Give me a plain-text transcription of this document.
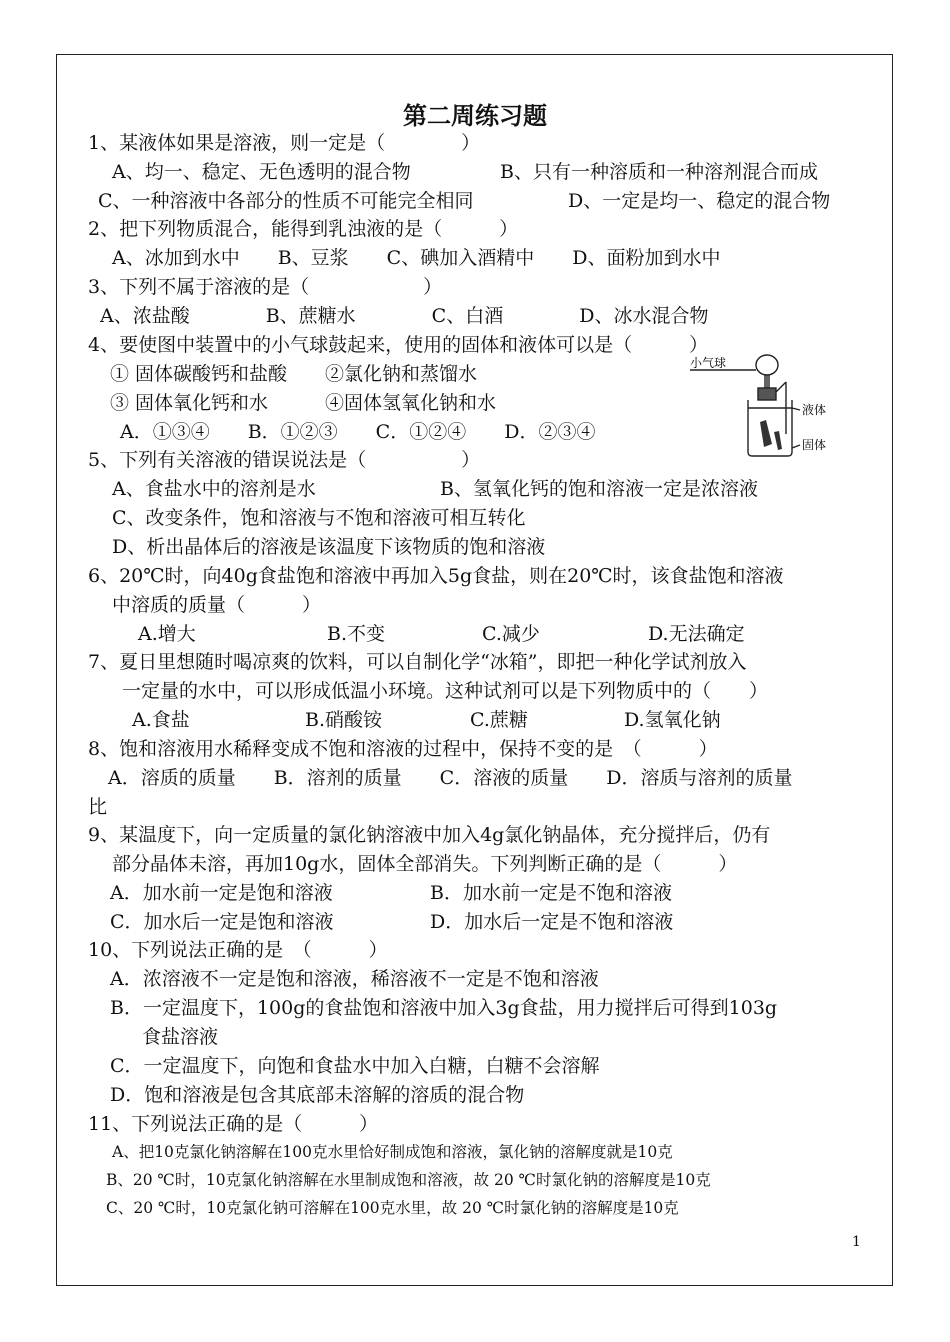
第二周练习题
1、某液体如果是溶液，则一定是（　　　　）
A、均一、稳定、无色透明的混合物	B、只有一种溶质和一种溶剂混合而成
C、一种溶液中各部分的性质不可能完全相同	D、一定是均一、稳定的混合物
2、把下列物质混合，能得到乳浊液的是（　　　）
A、冰加到水中　　B、豆浆　　C、碘加入酒精中　　D、面粉加到水中
3、下列不属于溶液的是（　　　　　　）
A、浓盐酸　　　　B、蔗糖水　　　　C、白酒　　　　D、冰水混合物
4、要使图中装置中的小气球鼓起来，使用的固体和液体可以是（　　　）
① 固体碳酸钙和盐酸　　②氯化钠和蒸馏水
③ 固体氧化钙和水　　　④固体氢氧化钠和水
A．①③④　　B．①②③　　C．①②④　　D．②③④
小气球
液体
固体
5、下列有关溶液的错误说法是（　　　　　）
A、食盐水中的溶剂是水	B、氢氧化钙的饱和溶液一定是浓溶液
C、改变条件，饱和溶液与不饱和溶液可相互转化
D、析出晶体后的溶液是该温度下该物质的饱和溶液
6、20℃时，向40g食盐饱和溶液中再加入5g食盐，则在20℃时，该食盐饱和溶液
中溶质的质量（　　　）
A.增大	B.不变	C.减少	D.无法确定
7、夏日里想随时喝凉爽的饮料，可以自制化学“冰箱”，即把一种化学试剂放入
一定量的水中，可以形成低温小环境。这种试剂可以是下列物质中的（　　）
A.食盐	B.硝酸铵	C.蔗糖	D.氢氧化钠
8、饱和溶液用水稀释变成不饱和溶液的过程中，保持不变的是　（　　　）
A．溶质的质量　　B．溶剂的质量　　C．溶液的质量　　D．溶质与溶剂的质量
比
9、某温度下，向一定质量的氯化钠溶液中加入4g氯化钠晶体，充分搅拌后，仍有
部分晶体未溶，再加10g水，固体全部消失。下列判断正确的是（　　　）
A．加水前一定是饱和溶液	B．加水前一定是不饱和溶液
C．加水后一定是饱和溶液	D．加水后一定是不饱和溶液
10、下列说法正确的是　（　　　）
A．浓溶液不一定是饱和溶液，稀溶液不一定是不饱和溶液
B．一定温度下，100g的食盐饱和溶液中加入3g食盐，用力搅拌后可得到103g
食盐溶液
C．一定温度下，向饱和食盐水中加入白糖，白糖不会溶解
D．饱和溶液是包含其底部未溶解的溶质的混合物
11、下列说法正确的是（　　　）
A、把10克氯化钠溶解在100克水里恰好制成饱和溶液，氯化钠的溶解度就是10克
B、20 ℃时，10克氯化钠溶解在水里制成饱和溶液，故 20 ℃时氯化钠的溶解度是10克
C、20 ℃时，10克氯化钠可溶解在100克水里，故 20 ℃时氯化钠的溶解度是10克
1
